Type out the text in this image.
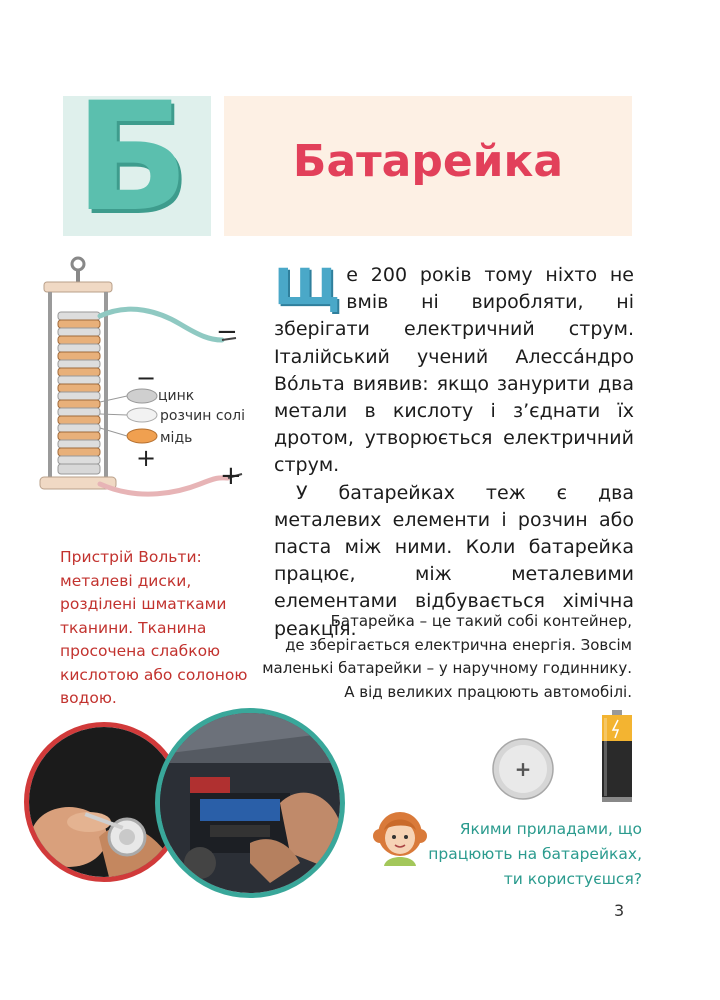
Б	Батарейка
цинк
розчин солі
мідь
−
+
−
+

Ще 200 років тому ніхто не вмів ні виробляти, ні зберігати електричний струм. Італійський учений Алесса́ндро Во́льта виявив: якщо занурити два метали в кислоту і з’єднати їх дротом, утворюється електричний струм.

У батарейках теж є два металевих елементи і розчин або паста між ними. Коли батарейка працює, між металевими елементами відбувається хімічна реакція.

Пристрій Вольти: металеві диски, розділені шматками тканини. Тканина просочена слабкою кислотою або солоною водою.
Батарейка – це такий собі контейнер,
де зберігається електрична енергія. Зовсім
маленькі батарейки – у наручному годиннику.
А від великих працюють автомобілі.
+
Якими приладами, що
працюють на батарейках,
ти користуєшся?
3
